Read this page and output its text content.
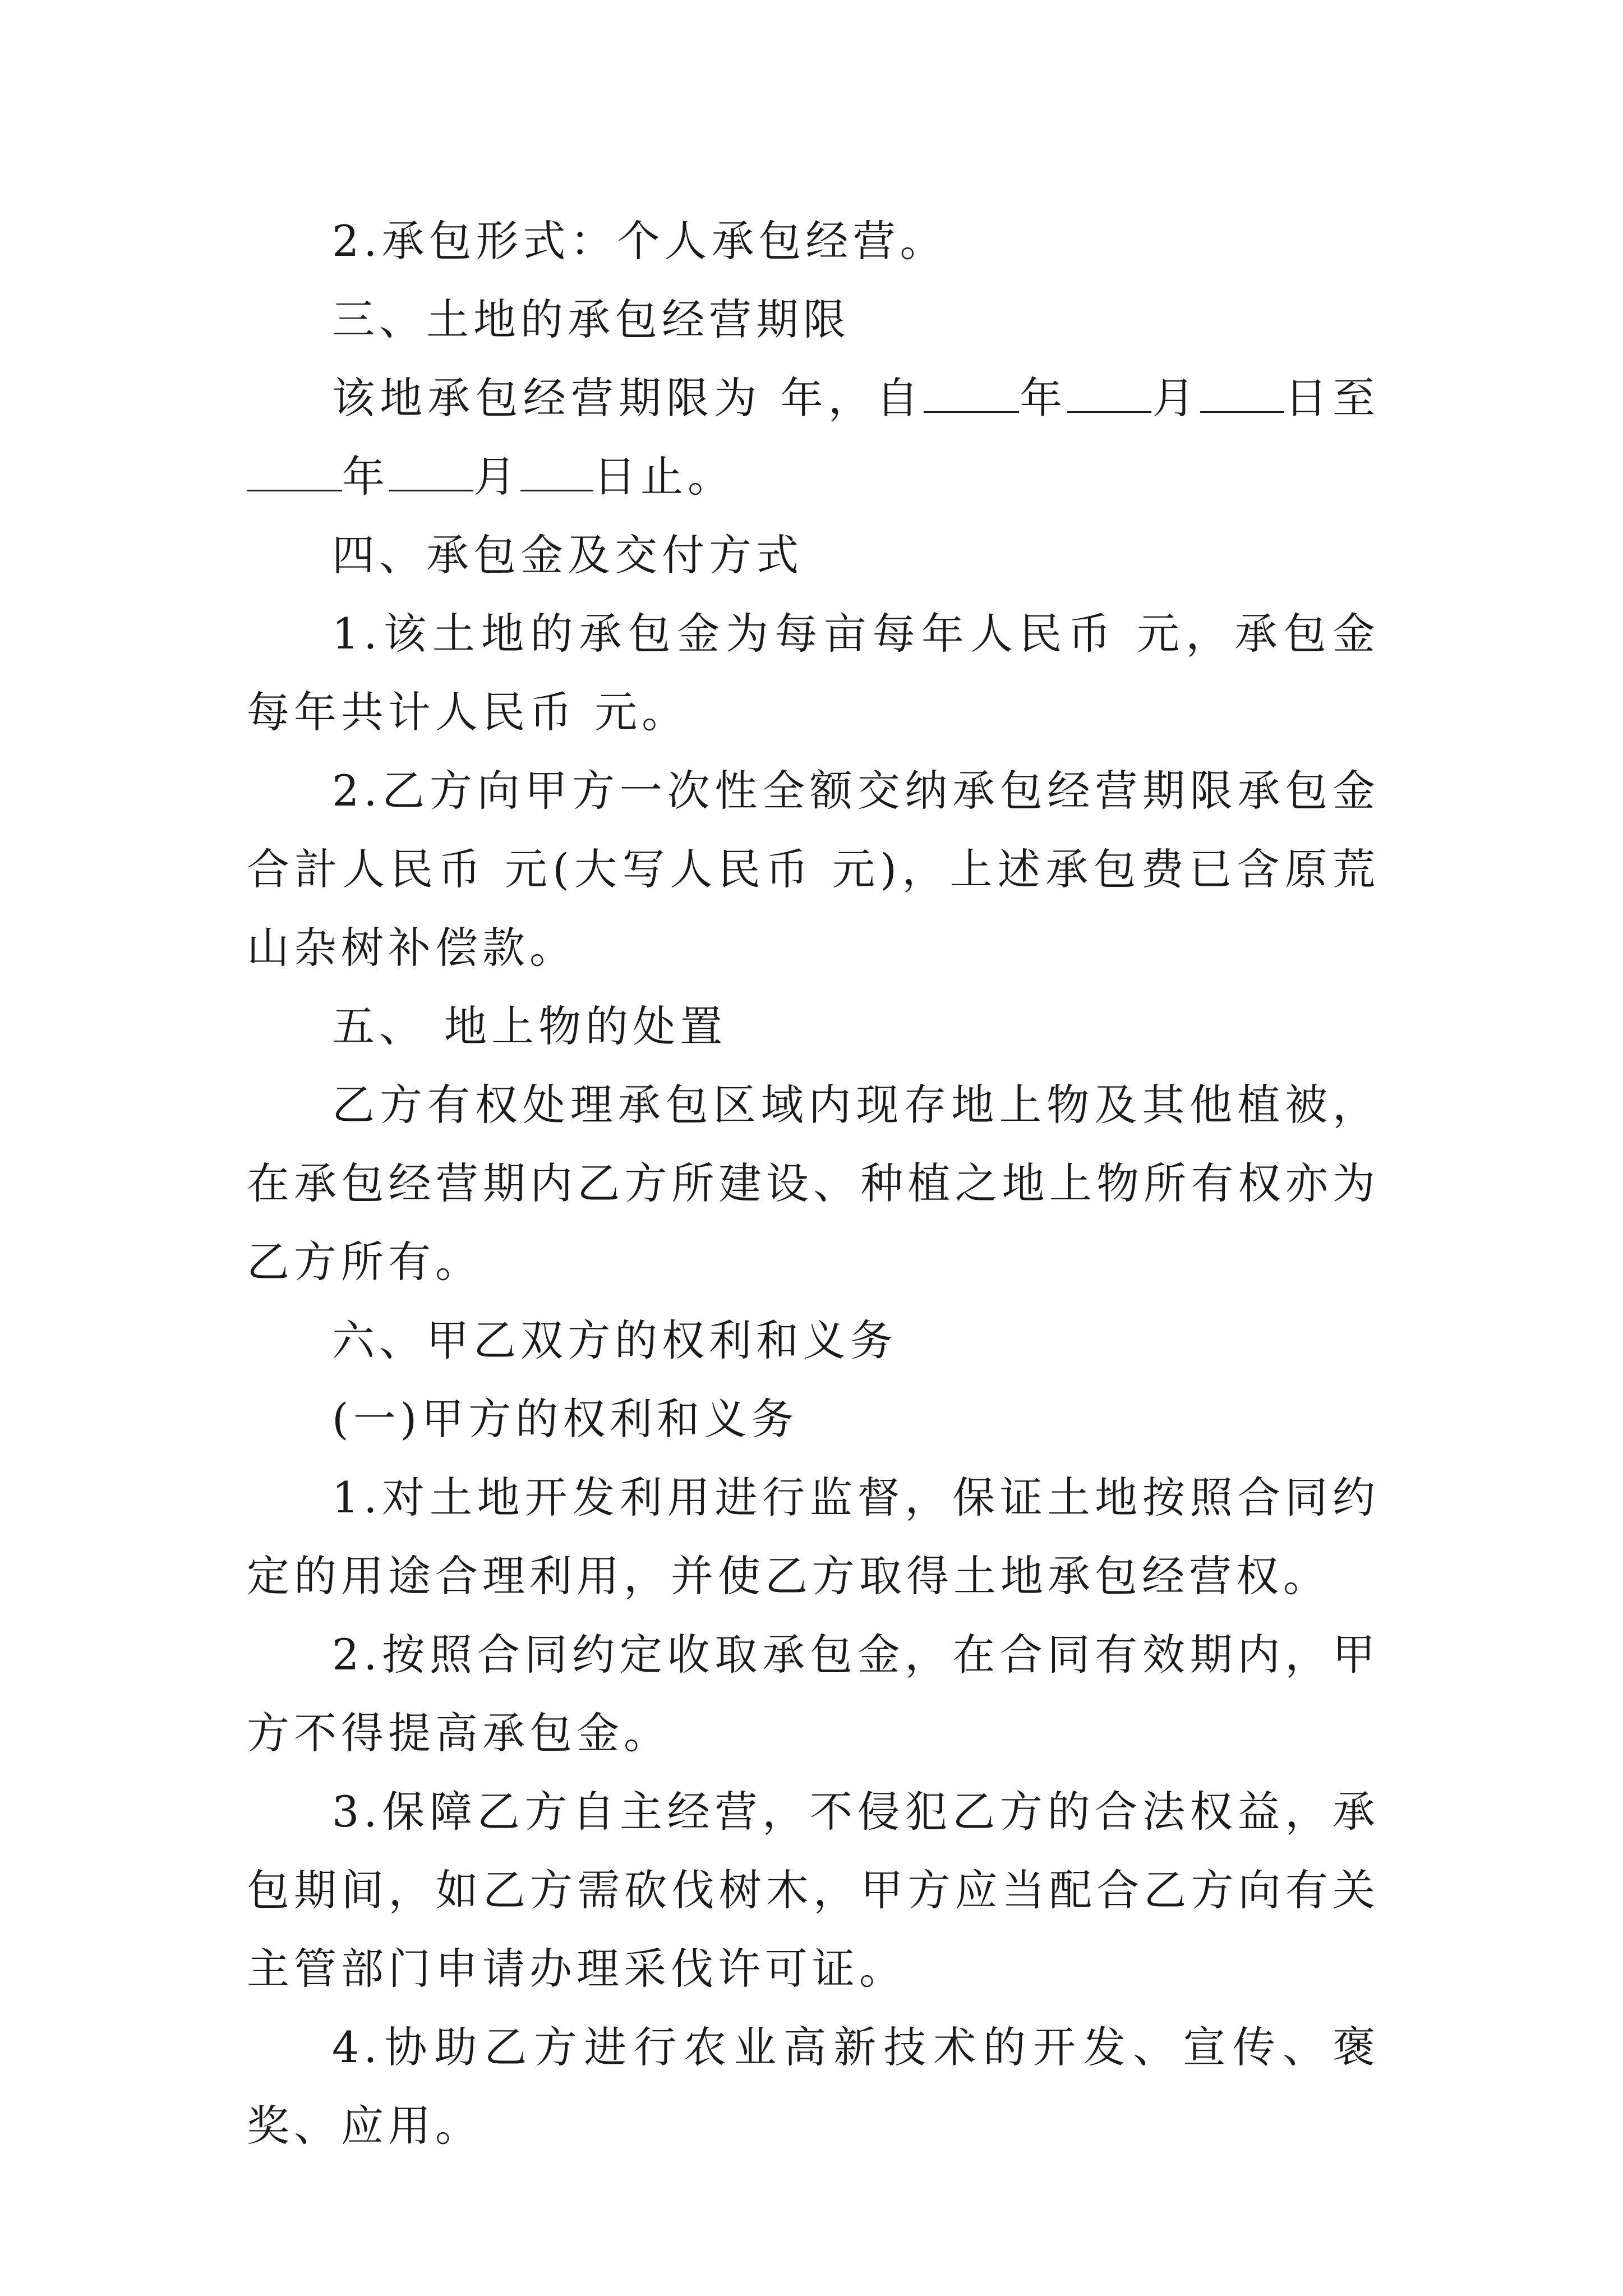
2.承包形式：个人承包经营。

三、土地的承包经营期限

该地承包经营期限为 年，自 年 月 日至年 月 日止。

四、承包金及交付方式

1.该土地的承包金为每亩每年人民币 元，承包金每年共计人民币 元。

2.乙方向甲方一次性全额交纳承包经营期限承包金合計人民币 元(大写人民币 元)，上述承包费已含原荒山杂树补偿款。

五、 地上物的处置

乙方有权处理承包区域内现存地上物及其他植被，在承包经营期内乙方所建设、种植之地上物所有权亦为乙方所有。

六、甲乙双方的权利和义务

(一)甲方的权利和义务

1.对土地开发利用进行监督，保证土地按照合同约定的用途合理利用，并使乙方取得土地承包经营权。

2.按照合同约定收取承包金，在合同有效期内，甲方不得提高承包金。

3.保障乙方自主经营，不侵犯乙方的合法权益，承包期间，如乙方需砍伐树木，甲方应当配合乙方向有关主管部门申请办理采伐许可证。

4.协助乙方进行农业高新技术的开发、宣传、褒奖、应用。
